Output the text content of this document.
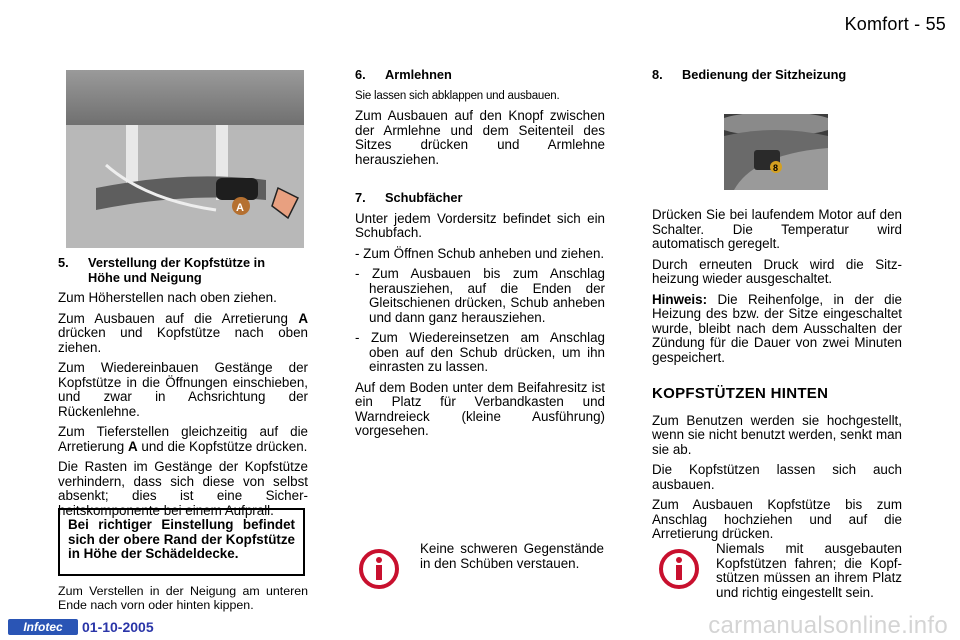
Komfort - 55
A
5. Verstellung der Kopfstütze in
Höhe und Neigung

Zum Höherstellen nach oben ziehen.

Zum Ausbauen auf die Arretierung A drücken und Kopfstütze nach oben ziehen.

Zum Wiedereinbauen Gestänge der Kopfstütze in die Öffnungen einschieben, und zwar in Achsrichtung der Rückenlehne.

Zum Tieferstellen gleichzeitig auf die Arretierung A und die Kopfstütze drücken.

Die Rasten im Gestänge der Kopfstütze verhindern, dass sich diese von selbst absenkt; dies ist eine Sicherheitskomponente bei einem Aufprall.

Bei richtiger Einstellung befindet sich der obere Rand der Kopfstütze in Höhe der Schädeldecke.

Zum Verstellen in der Neigung am unteren Ende nach vorn oder hinten kippen.

6. Armlehnen

Sie lassen sich abklappen und ausbauen.

Zum Ausbauen auf den Knopf zwischen der Armlehne und dem Seitenteil des Sitzes drücken und Armlehne herausziehen.

7. Schubfächer

Unter jedem Vordersitz befindet sich ein Schubfach.

- Zum Öffnen Schub anheben und ziehen.

- Zum Ausbauen bis zum Anschlag herausziehen, auf die Enden der Gleitschienen drücken, Schub anheben und dann ganz herausziehen.

- Zum Wiedereinsetzen am Anschlag oben auf den Schub drücken, um ihn einrasten zu lassen.

Auf dem Boden unter dem Beifahresitz ist ein Platz für Verbandkasten und Warndreieck (kleine Ausführung) vorgesehen.

Keine schweren Gegenstände in den Schüben verstauen.

8
8. Bedienung der Sitzheizung

Drücken Sie bei laufendem Motor auf den Schalter. Die Temperatur wird automatisch geregelt.

Durch erneuten Druck wird die Sitzheizung wieder ausgeschaltet.

Hinweis: Die Reihenfolge, in der die Heizung des bzw. der Sitze eingeschaltet wurde, bleibt nach dem Ausschalten der Zündung für die Dauer von zwei Minuten gespeichert.

KOPFSTÜTZEN HINTEN

Zum Benutzen werden sie hochgestellt, wenn sie nicht benutzt werden, senkt man sie ab.

Die Kopfstützen lassen sich auch ausbauen.

Zum Ausbauen Kopfstütze bis zum Anschlag hochziehen und auf die Arretierung drücken.

Niemals mit ausgebauten Kopfstützen fahren; die Kopfstützen müssen an ihrem Platz und richtig eingestellt sein.

Infotec	01-10-2005	carmanualsonline.info
